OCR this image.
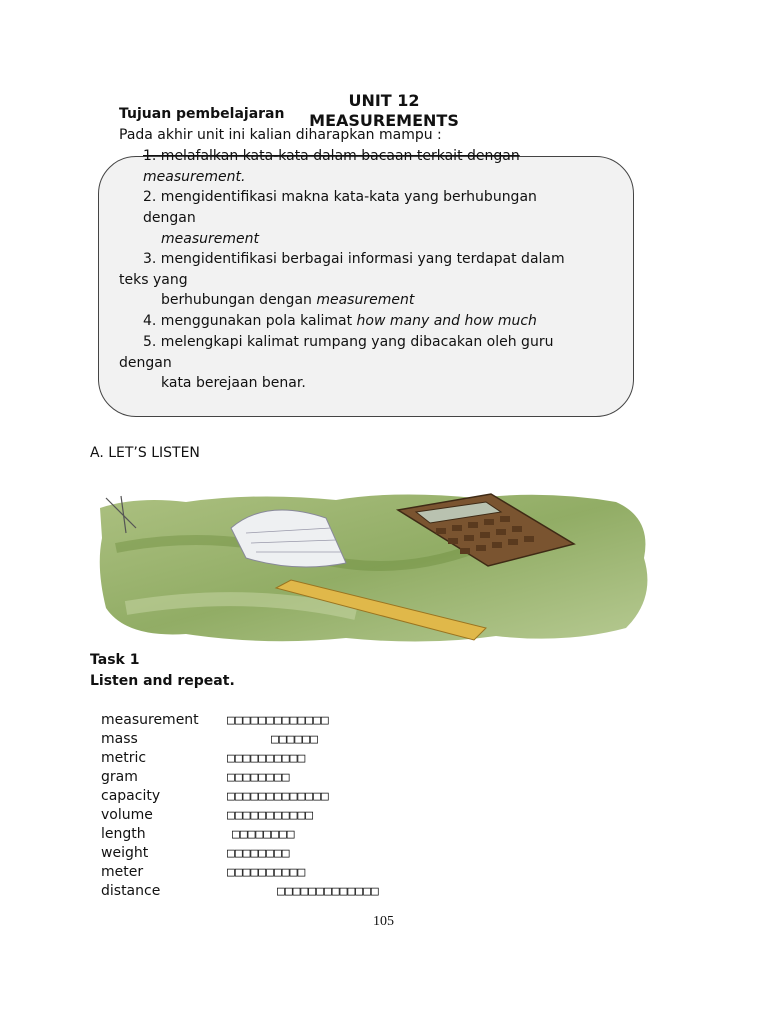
UNIT 12
MEASUREMENTS
Tujuan pembelajaran
Pada akhir unit ini kalian diharapkan mampu :
1. melafalkan kata-kata dalam bacaan terkait dengan
measurement.
2. mengidentifikasi makna kata-kata yang berhubungan
dengan
measurement
3. mengidentifikasi berbagai informasi yang terdapat dalam
teks yang
berhubungan dengan measurement
4. menggunakan pola kalimat how many and how much
5. melengkapi kalimat rumpang yang dibacakan oleh guru
dengan
kata berejaan benar.
A. LET’S LISTEN
Task 1
Listen and repeat.
measurement □□□□□□□□□□□□□
mass	□□□□□□
metric	□□□□□□□□□□
gram	□□□□□□□□
capacity	□□□□□□□□□□□□□
volume	□□□□□□□□□□□
length	□□□□□□□□
weight	□□□□□□□□
meter	□□□□□□□□□□
distance	□□□□□□□□□□□□□
105
